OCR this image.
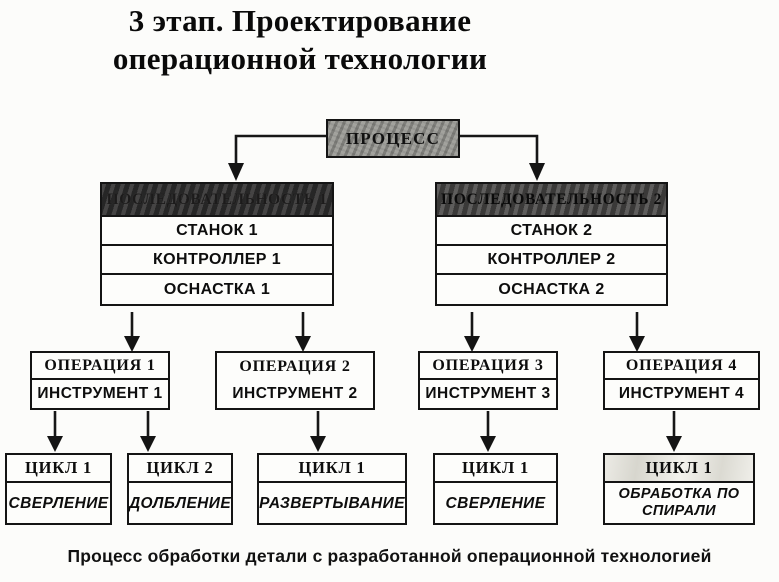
3 этап. Проектирование
операционной технологии
ПРОЦЕСС
ПОСЛЕДОВАТЕЛЬНОСТЬ 1
СТАНОК 1
КОНТРОЛЛЕР 1
ОСНАСТКА 1
ПОСЛЕДОВАТЕЛЬНОСТЬ 2
СТАНОК 2
КОНТРОЛЛЕР 2
ОСНАСТКА 2
ОПЕРАЦИЯ 1
ИНСТРУМЕНТ 1
ОПЕРАЦИЯ 2
ИНСТРУМЕНТ 2
ОПЕРАЦИЯ 3
ИНСТРУМЕНТ 3
ОПЕРАЦИЯ 4
ИНСТРУМЕНТ 4
ЦИКЛ 1
СВЕРЛЕНИЕ
ЦИКЛ 2
ДОЛБЛЕНИЕ
ЦИКЛ 1
РАЗВЕРТЫВАНИЕ
ЦИКЛ 1
СВЕРЛЕНИЕ
ЦИКЛ 1
ОБРАБОТКА ПО СПИРАЛИ
Процесс обработки детали с разработанной операционной технологией
